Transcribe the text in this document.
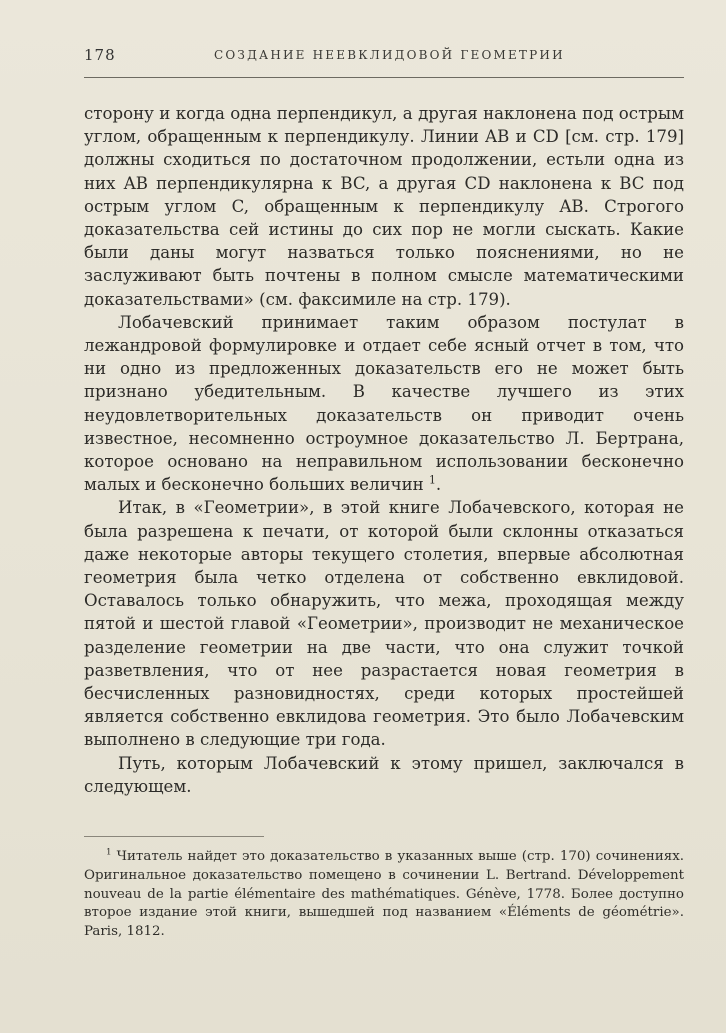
178	СОЗДАНИЕ НЕЕВКЛИДОВОЙ ГЕОМЕТРИИ

сторону и когда одна перпендикул, а другая наклонена под острым углом, обращенным к перпендикулу. Линии AB и CD [см. стр. 179] должны сходиться по достаточном продолжении, естьли одна из них AB перпендикулярна к BC, а другая CD наклонена к BC под острым углом C, обращенным к перпендикулу AB. Строгого доказательства сей истины до сих пор не могли сыскать. Какие были даны могут назваться только пояснениями, но не заслуживают быть почтены в полном смысле математическими доказательствами» (см. факсимиле на стр. 179).

Лобачевский принимает таким образом постулат в лежандровой формулировке и отдает себе ясный отчет в том, что ни одно из предложенных доказательств его не может быть признано убедительным. В качестве лучшего из этих неудовлетворительных доказательств он приводит очень известное, несомненно остроумное доказательство Л. Бертрана, которое основано на неправильном использовании бесконечно малых и бесконечно больших величин $^1$.

Итак, в «Геометрии», в этой книге Лобачевского, которая не была разрешена к печати, от которой были склонны отказаться даже некоторые авторы текущего столетия, впервые абсолютная геометрия была четко отделена от собственно евклидовой. Оставалось только обнаружить, что межа, проходящая между пятой и шестой главой «Геометрии», производит не механическое разделение геометрии на две части, что она служит точкой разветвления, что от нее разрастается новая геометрия в бесчисленных разновидностях, среди которых простейшей является собственно евклидова геометрия. Это было Лобачевским выполнено в следующие три года.

Путь, которым Лобачевский к этому пришел, заключался в следующем.

$^1$ Читатель найдет это доказательство в указанных выше (стр. 170) сочинениях. Оригинальное доказательство помещено в сочинении L. Bertrand. Développement nouveau de la partie élémentaire des mathématiques. Génève, 1778. Более доступно второе издание этой книги, вышедшей под названием «Éléments de géométrie». Paris, 1812.
